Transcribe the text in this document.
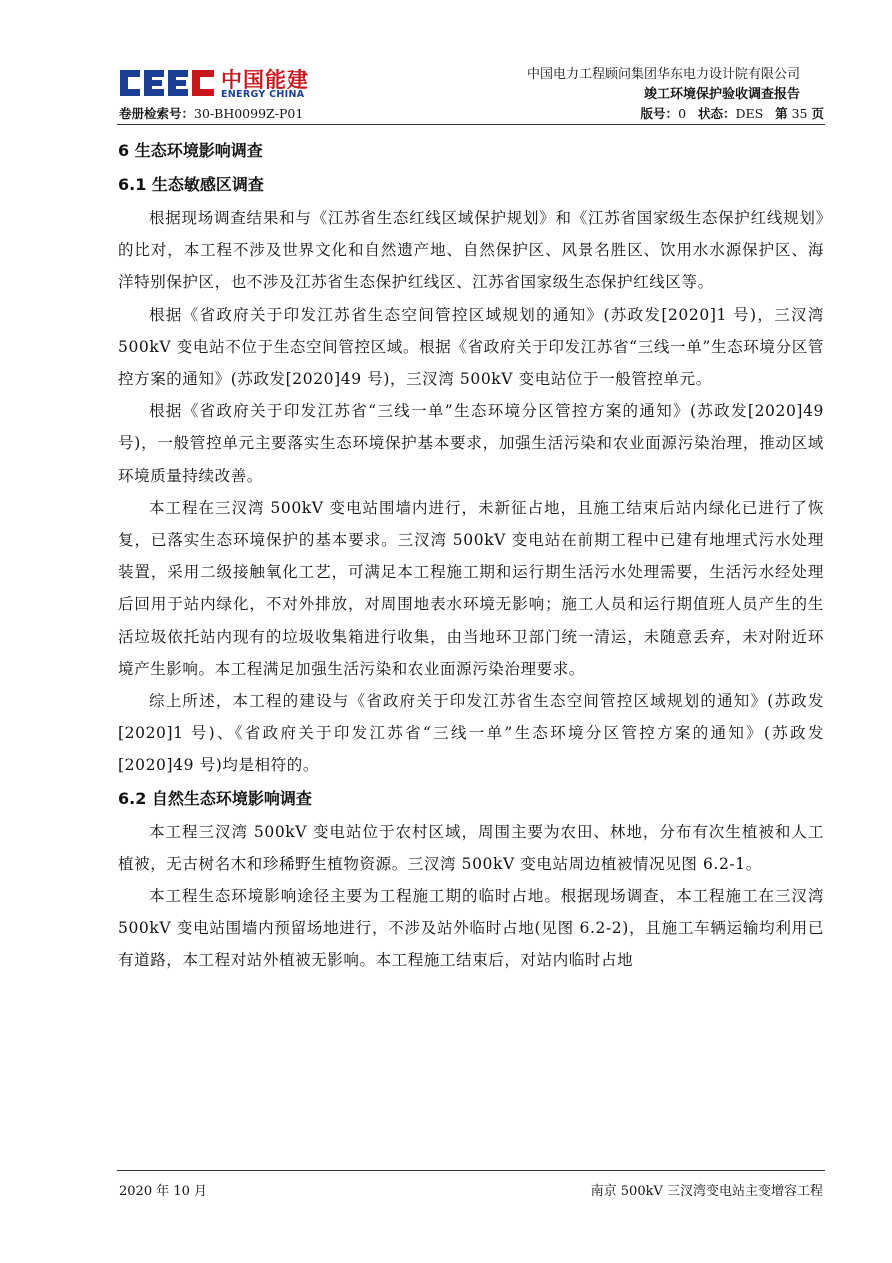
中国能建
ENERGY CHINA
中国电力工程顾问集团华东电力设计院有限公司
竣工环境保护验收调查报告
卷册检索号：30-BH0099Z-P01	版号：0 状态：DES 第 35 页

6 生态环境影响调查

6.1 生态敏感区调查

根据现场调查结果和与《江苏省生态红线区域保护规划》和《江苏省国家级生态保护红线规划》的比对，本工程不涉及世界文化和自然遗产地、自然保护区、风景名胜区、饮用水水源保护区、海洋特别保护区，也不涉及江苏省生态保护红线区、江苏省国家级生态保护红线区等。

根据《省政府关于印发江苏省生态空间管控区域规划的通知》(苏政发[2020]1 号)，三汊湾 500kV 变电站不位于生态空间管控区域。根据《省政府关于印发江苏省“三线一单”生态环境分区管控方案的通知》(苏政发[2020]49 号)，三汊湾 500kV 变电站位于一般管控单元。

根据《省政府关于印发江苏省“三线一单”生态环境分区管控方案的通知》(苏政发[2020]49 号)，一般管控单元主要落实生态环境保护基本要求，加强生活污染和农业面源污染治理，推动区域环境质量持续改善。

本工程在三汊湾 500kV 变电站围墙内进行，未新征占地，且施工结束后站内绿化已进行了恢复，已落实生态环境保护的基本要求。三汊湾 500kV 变电站在前期工程中已建有地埋式污水处理装置，采用二级接触氧化工艺，可满足本工程施工期和运行期生活污水处理需要，生活污水经处理后回用于站内绿化，不对外排放，对周围地表水环境无影响；施工人员和运行期值班人员产生的生活垃圾依托站内现有的垃圾收集箱进行收集，由当地环卫部门统一清运，未随意丢弃，未对附近环境产生影响。本工程满足加强生活污染和农业面源污染治理要求。

综上所述，本工程的建设与《省政府关于印发江苏省生态空间管控区域规划的通知》(苏政发[2020]1 号)、《省政府关于印发江苏省“三线一单”生态环境分区管控方案的通知》(苏政发[2020]49 号)均是相符的。

6.2 自然生态环境影响调查

本工程三汊湾 500kV 变电站位于农村区域，周围主要为农田、林地，分布有次生植被和人工植被，无古树名木和珍稀野生植物资源。三汊湾 500kV 变电站周边植被情况见图 6.2-1。

本工程生态环境影响途径主要为工程施工期的临时占地。根据现场调查，本工程施工在三汊湾 500kV 变电站围墙内预留场地进行，不涉及站外临时占地(见图 6.2-2)，且施工车辆运输均利用已有道路，本工程对站外植被无影响。本工程施工结束后，对站内临时占地

2020 年 10 月	南京 500kV 三汊湾变电站主变增容工程
